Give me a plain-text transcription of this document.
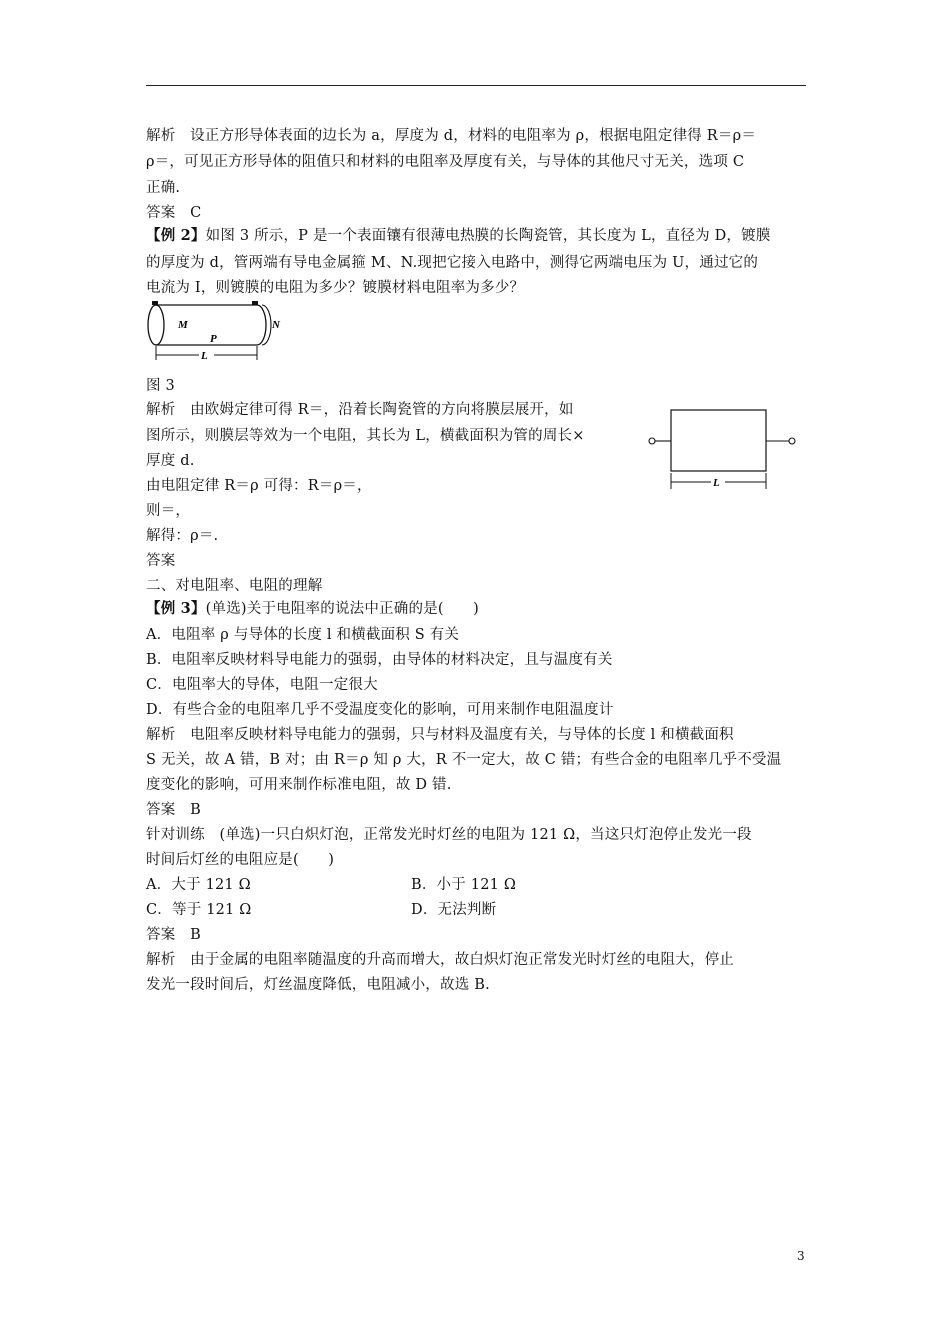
解析　设正方形导体表面的边长为 a，厚度为 d，材料的电阻率为 ρ，根据电阻定律得 R＝ρ＝
ρ＝，可见正方形导体的阻值只和材料的电阻率及厚度有关，与导体的其他尺寸无关，选项 C
正确.
答案　C
【例 2】如图 3 所示，P 是一个表面镶有很薄电热膜的长陶瓷管，其长度为 L，直径为 D，镀膜
的厚度为 d，管两端有导电金属箍 M、N.现把它接入电路中，测得它两端电压为 U，通过它的
电流为 I，则镀膜的电阻为多少？镀膜材料电阻率为多少？
M	N
P
L
图 3
解析　由欧姆定律可得 R＝，沿着长陶瓷管的方向将膜层展开，如
图所示，则膜层等效为一个电阻，其长为 L，横截面积为管的周长×
厚度 d.
由电阻定律 R＝ρ 可得：R＝ρ＝，
则＝，
解得：ρ＝.
答案
L
二、对电阻率、电阻的理解
【例 3】(单选)关于电阻率的说法中正确的是(　　)
A．电阻率 ρ 与导体的长度 l 和横截面积 S 有关
B．电阻率反映材料导电能力的强弱，由导体的材料决定，且与温度有关
C．电阻率大的导体，电阻一定很大
D．有些合金的电阻率几乎不受温度变化的影响，可用来制作电阻温度计
解析　电阻率反映材料导电能力的强弱，只与材料及温度有关，与导体的长度 l 和横截面积
S 无关，故 A 错，B 对；由 R＝ρ 知 ρ 大，R 不一定大，故 C 错；有些合金的电阻率几乎不受温
度变化的影响，可用来制作标准电阻，故 D 错.
答案　B
针对训练　(单选)一只白炽灯泡，正常发光时灯丝的电阻为 121 Ω，当这只灯泡停止发光一段
时间后灯丝的电阻应是(　　)
A．大于 121 Ω	B．小于 121 Ω
C．等于 121 Ω	D．无法判断
答案　B
解析　由于金属的电阻率随温度的升高而增大，故白炽灯泡正常发光时灯丝的电阻大，停止
发光一段时间后，灯丝温度降低，电阻减小，故选 B.
3
